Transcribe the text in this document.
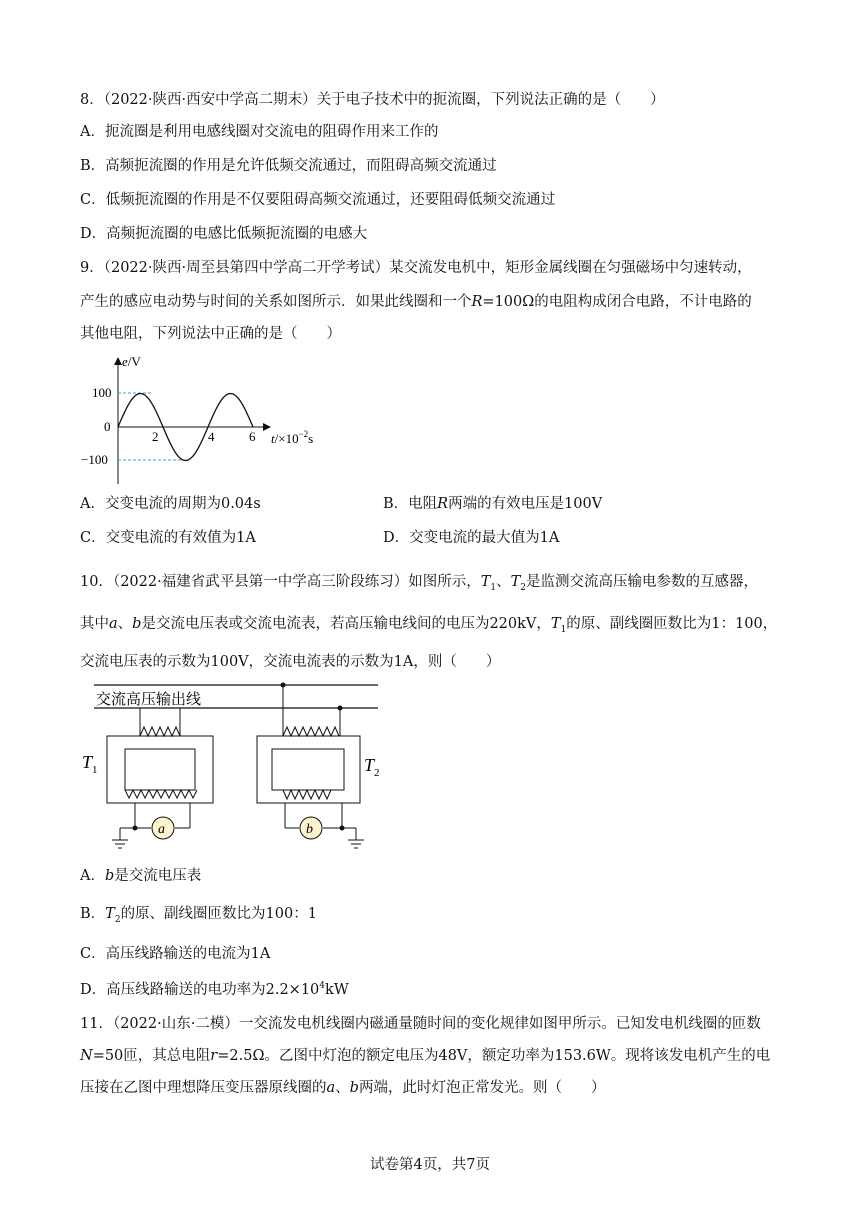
8．（2022·陕西·西安中学高二期末）关于电子技术中的扼流圈，下列说法正确的是（　　）
A．扼流圈是利用电感线圈对交流电的阻碍作用来工作的
B．高频扼流圈的作用是允许低频交流通过，而阻碍高频交流通过
C．低频扼流圈的作用是不仅要阻碍高频交流通过，还要阻碍低频交流通过
D．高频扼流圈的电感比低频扼流圈的电感大
9．（2022·陕西·周至县第四中学高二开学考试）某交流发电机中，矩形金属线圈在匀强磁场中匀速转动，
产生的感应电动势与时间的关系如图所示．如果此线圈和一个R=100Ω的电阻构成闭合电路，不计电路的
其他电阻，下列说法中正确的是（　　）
e/V
100
0
−100
2	4	6 $t/\times 10^{-2}s$
A．交变电流的周期为0.04s	B．电阻R两端的有效电压是100V
C．交变电流的有效值为1A	D．交变电流的最大值为1A
10．（2022·福建省武平县第一中学高三阶段练习）如图所示，$T_1$、$T_2$是监测交流高压输电参数的互感器，
其中a、b是交流电压表或交流电流表，若高压输电线间的电压为220kV，$T_1$的原、副线圈匝数比为1：100，
交流电压表的示数为100V，交流电流表的示数为1A，则（　　）
交流高压输出线
a
$T_1$
b
$T_2$
A．b是交流电压表
B．$T_2$的原、副线圈匝数比为100：1
C．高压线路输送的电流为1A
D．高压线路输送的电功率为$2.2\times 10^4kW$
11．（2022·山东·二模）一交流发电机线圈内磁通量随时间的变化规律如图甲所示。已知发电机线圈的匝数
N=50匝，其总电阻r=2.5Ω。乙图中灯泡的额定电压为48V，额定功率为153.6W。现将该发电机产生的电
压接在乙图中理想降压变压器原线圈的a、b两端，此时灯泡正常发光。则（　　）
试卷第4页，共7页
